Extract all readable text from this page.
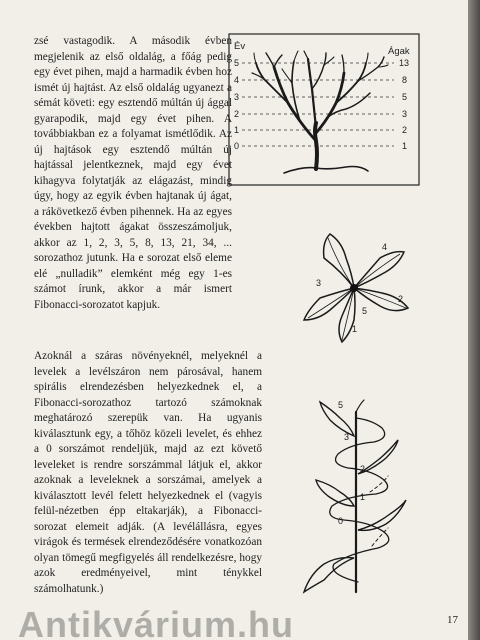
zsé vastagodik. A második évben megjelenik az első oldalág, a főág pedig egy évet pihen, majd a harmadik évben hoz ismét új hajtást. Az első oldalág ugyanezt a sémát követi: egy esztendő múltán új ággal gyarapodik, majd egy évet pihen. A továbbiakban ez a folyamat ismétlődik. Az új hajtások egy esztendő múltán új hajtással jelentkeznek, majd egy évet kihagyva folytatják az elágazást, mindig úgy, hogy az egyik évben hajtanak új ágat, a rákövetkező évben pihennek. Ha az egyes években hajtott ágakat összeszámoljuk, akkor az 1, 2, 3, 5, 8, 13, 21, 34, ... sorozathoz jutunk. Ha e sorozat első eleme elé „nulladik” elemként még egy 1-es számot írunk, akkor a már ismert Fibonacci-sorozatot kapjuk.

Azoknál a száras növényeknél, melyeknél a levelek a levélszáron nem párosával, hanem spirális elrendezésben helyezkednek el, a Fibonacci-sorozathoz tartozó számoknak meghatározó szerepük van. Ha ugyanis kiválasztunk egy, a tőhöz közeli levelet, és ehhez a 0 sorszámot rendeljük, majd az ezt követő leveleket is rendre sorszámmal látjuk el, akkor azoknak a leveleknek a sorszámai, amelyek a kiválasztott levél felett helyezkednek el (vagyis felül-nézetben épp eltakarják), a Fibonacci-sorozat elemeit adják. (A levélállásra, egyes virágok és termések elrendeződésére vonatkozóan olyan tömegű megfigyelés áll rendelkezésre, hogy azok eredményeivel, mint ténykkel számolhatunk.)

Év	Ágak
5
4
3
2
1
0
13
8
5
3
2
1
1
2
3
4
5
5
3
2
1
0
17
Antikvárium.hu
